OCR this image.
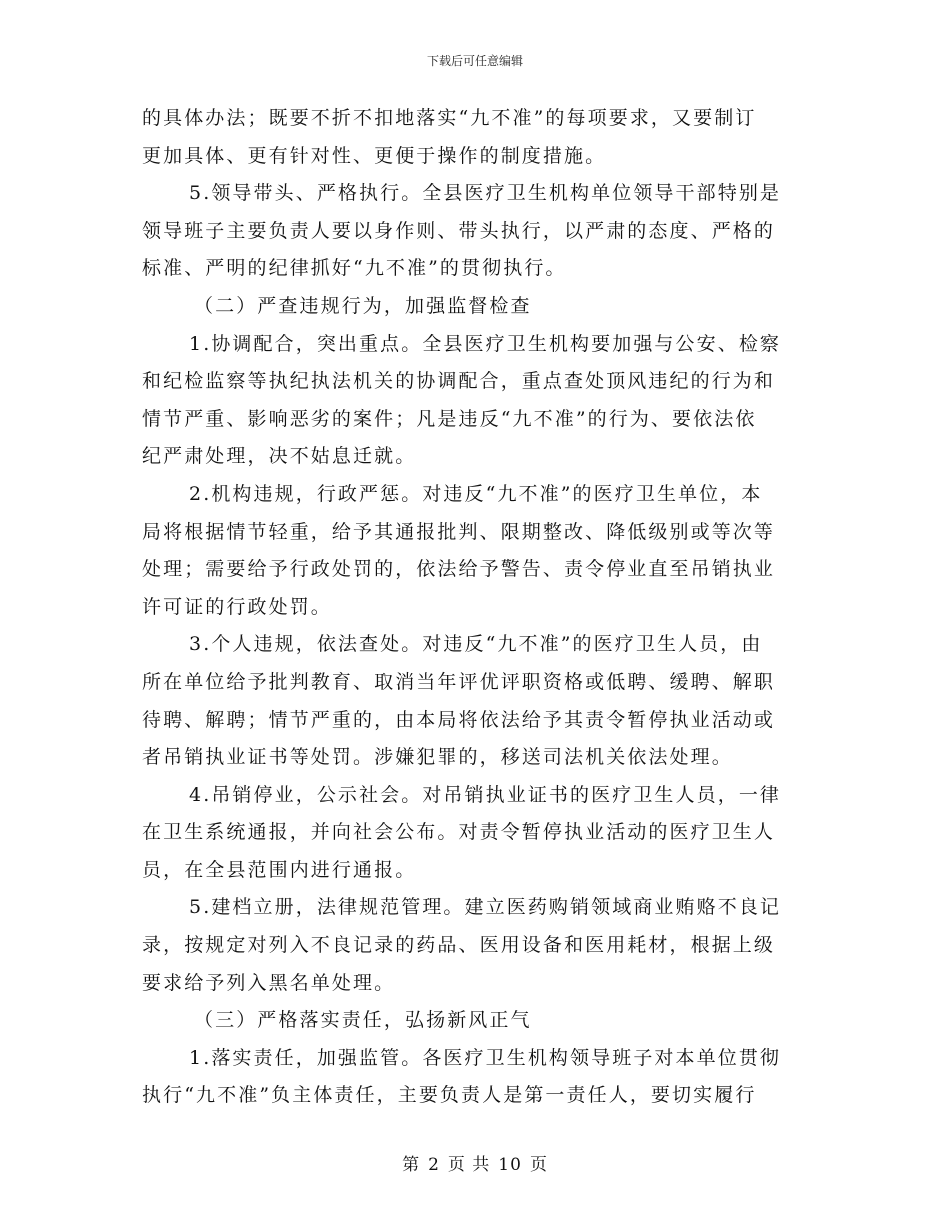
下载后可任意编辑
的具体办法；既要不折不扣地落实“九不准”的每项要求，又要制订
更加具体、更有针对性、更便于操作的制度措施。
5.领导带头、严格执行。全县医疗卫生机构单位领导干部特别是
领导班子主要负责人要以身作则、带头执行，以严肃的态度、严格的
标准、严明的纪律抓好“九不准”的贯彻执行。
（二）严查违规行为，加强监督检查
1.协调配合，突出重点。全县医疗卫生机构要加强与公安、检察
和纪检监察等执纪执法机关的协调配合，重点查处顶风违纪的行为和
情节严重、影响恶劣的案件；凡是违反“九不准”的行为、要依法依
纪严肃处理，决不姑息迁就。
2.机构违规，行政严惩。对违反“九不准”的医疗卫生单位，本
局将根据情节轻重，给予其通报批判、限期整改、降低级别或等次等
处理；需要给予行政处罚的，依法给予警告、责令停业直至吊销执业
许可证的行政处罚。
3.个人违规，依法查处。对违反“九不准”的医疗卫生人员，由
所在单位给予批判教育、取消当年评优评职资格或低聘、缓聘、解职
待聘、解聘；情节严重的，由本局将依法给予其责令暂停执业活动或
者吊销执业证书等处罚。涉嫌犯罪的，移送司法机关依法处理。
4.吊销停业，公示社会。对吊销执业证书的医疗卫生人员，一律
在卫生系统通报，并向社会公布。对责令暂停执业活动的医疗卫生人
员，在全县范围内进行通报。
5.建档立册，法律规范管理。建立医药购销领域商业贿赂不良记
录，按规定对列入不良记录的药品、医用设备和医用耗材，根据上级
要求给予列入黑名单处理。
（三）严格落实责任，弘扬新风正气
1.落实责任，加强监管。各医疗卫生机构领导班子对本单位贯彻
执行“九不准”负主体责任，主要负责人是第一责任人，要切实履行
第 2 页 共 10 页
